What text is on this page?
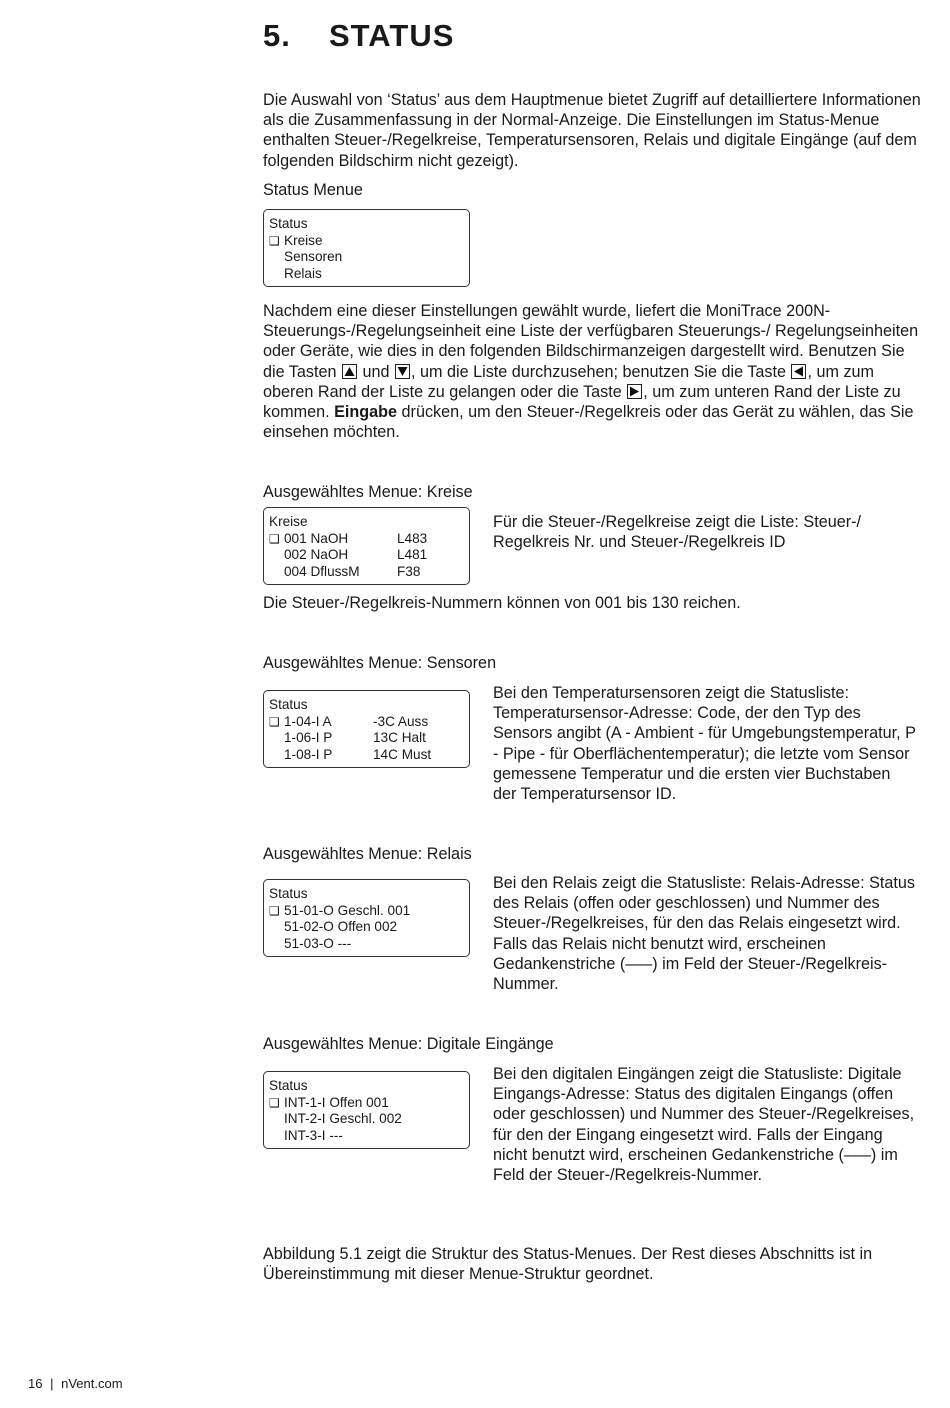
5. STATUS
Die Auswahl von ‘Status’ aus dem Hauptmenue bietet Zugriff auf detailliertere Informationen als die Zusammenfassung in der Normal-Anzeige. Die Einstellungen im Status-Menue enthalten Steuer-/Regelkreise, Temperatursensoren, Relais und digitale Eingänge (auf dem folgenden Bildschirm nicht gezeigt).
Status Menue
Status
❑ Kreise
Sensoren
Relais
Nachdem eine dieser Einstellungen gewählt wurde, liefert die MoniTrace 200N-Steuerungs-/Regelungseinheit eine Liste der verfügbaren Steuerungs-/ Regelungseinheiten oder Geräte, wie dies in den folgenden Bildschirmanzeigen dargestellt wird. Benutzen Sie die Tasten und , um die Liste durchzusehen; benutzen Sie die Taste , um zum oberen Rand der Liste zu gelangen oder die Taste , um zum unteren Rand der Liste zu kommen. Eingabe drücken, um den Steuer-/Regelkreis oder das Gerät zu wählen, das Sie einsehen möchten.
Ausgewähltes Menue: Kreise
Kreise
❑ 001 NaOH	L483
002 NaOH	L481
004 DflussM	F38
Für die Steuer-/Regelkreise zeigt die Liste: Steuer-/ Regelkreis Nr. und Steuer-/Regelkreis ID
Die Steuer-/Regelkreis-Nummern können von 001 bis 130 reichen.
Ausgewähltes Menue: Sensoren
Status
❑ 1-04-I A	-3C Auss
1-06-I P	13C Halt
1-08-I P	14C Must
Bei den Temperatursensoren zeigt die Statusliste: Temperatursensor-Adresse: Code, der den Typ des Sensors angibt (A - Ambient - für Umgebungstemperatur, P - Pipe - für Oberflächentemperatur); die letzte vom Sensor gemessene Temperatur und die ersten vier Buchstaben der Temperatursensor ID.
Ausgewähltes Menue: Relais
Status
❑ 51-01-O Geschl. 001
51-02-O Offen 002
51-03-O ---
Bei den Relais zeigt die Statusliste: Relais-Adresse: Status des Relais (offen oder geschlossen) und Nummer des Steuer-/Regelkreises, für den das Relais eingesetzt wird. Falls das Relais nicht benutzt wird, erscheinen Gedankenstriche (–––) im Feld der Steuer-/Regelkreis-Nummer.
Ausgewähltes Menue: Digitale Eingänge
Status
❑ INT-1-I Offen 001
INT-2-I Geschl. 002
INT-3-I ---
Bei den digitalen Eingängen zeigt die Statusliste: Digitale Eingangs-Adresse: Status des digitalen Eingangs (offen oder geschlossen) und Nummer des Steuer-/Regelkreises, für den der Eingang eingesetzt wird. Falls der Eingang nicht benutzt wird, erscheinen Gedankenstriche (–––) im Feld der Steuer-/Regelkreis-Nummer.
Abbildung 5.1 zeigt die Struktur des Status-Menues. Der Rest dieses Abschnitts ist in Übereinstimmung mit dieser Menue-Struktur geordnet.
16 | nVent.com
